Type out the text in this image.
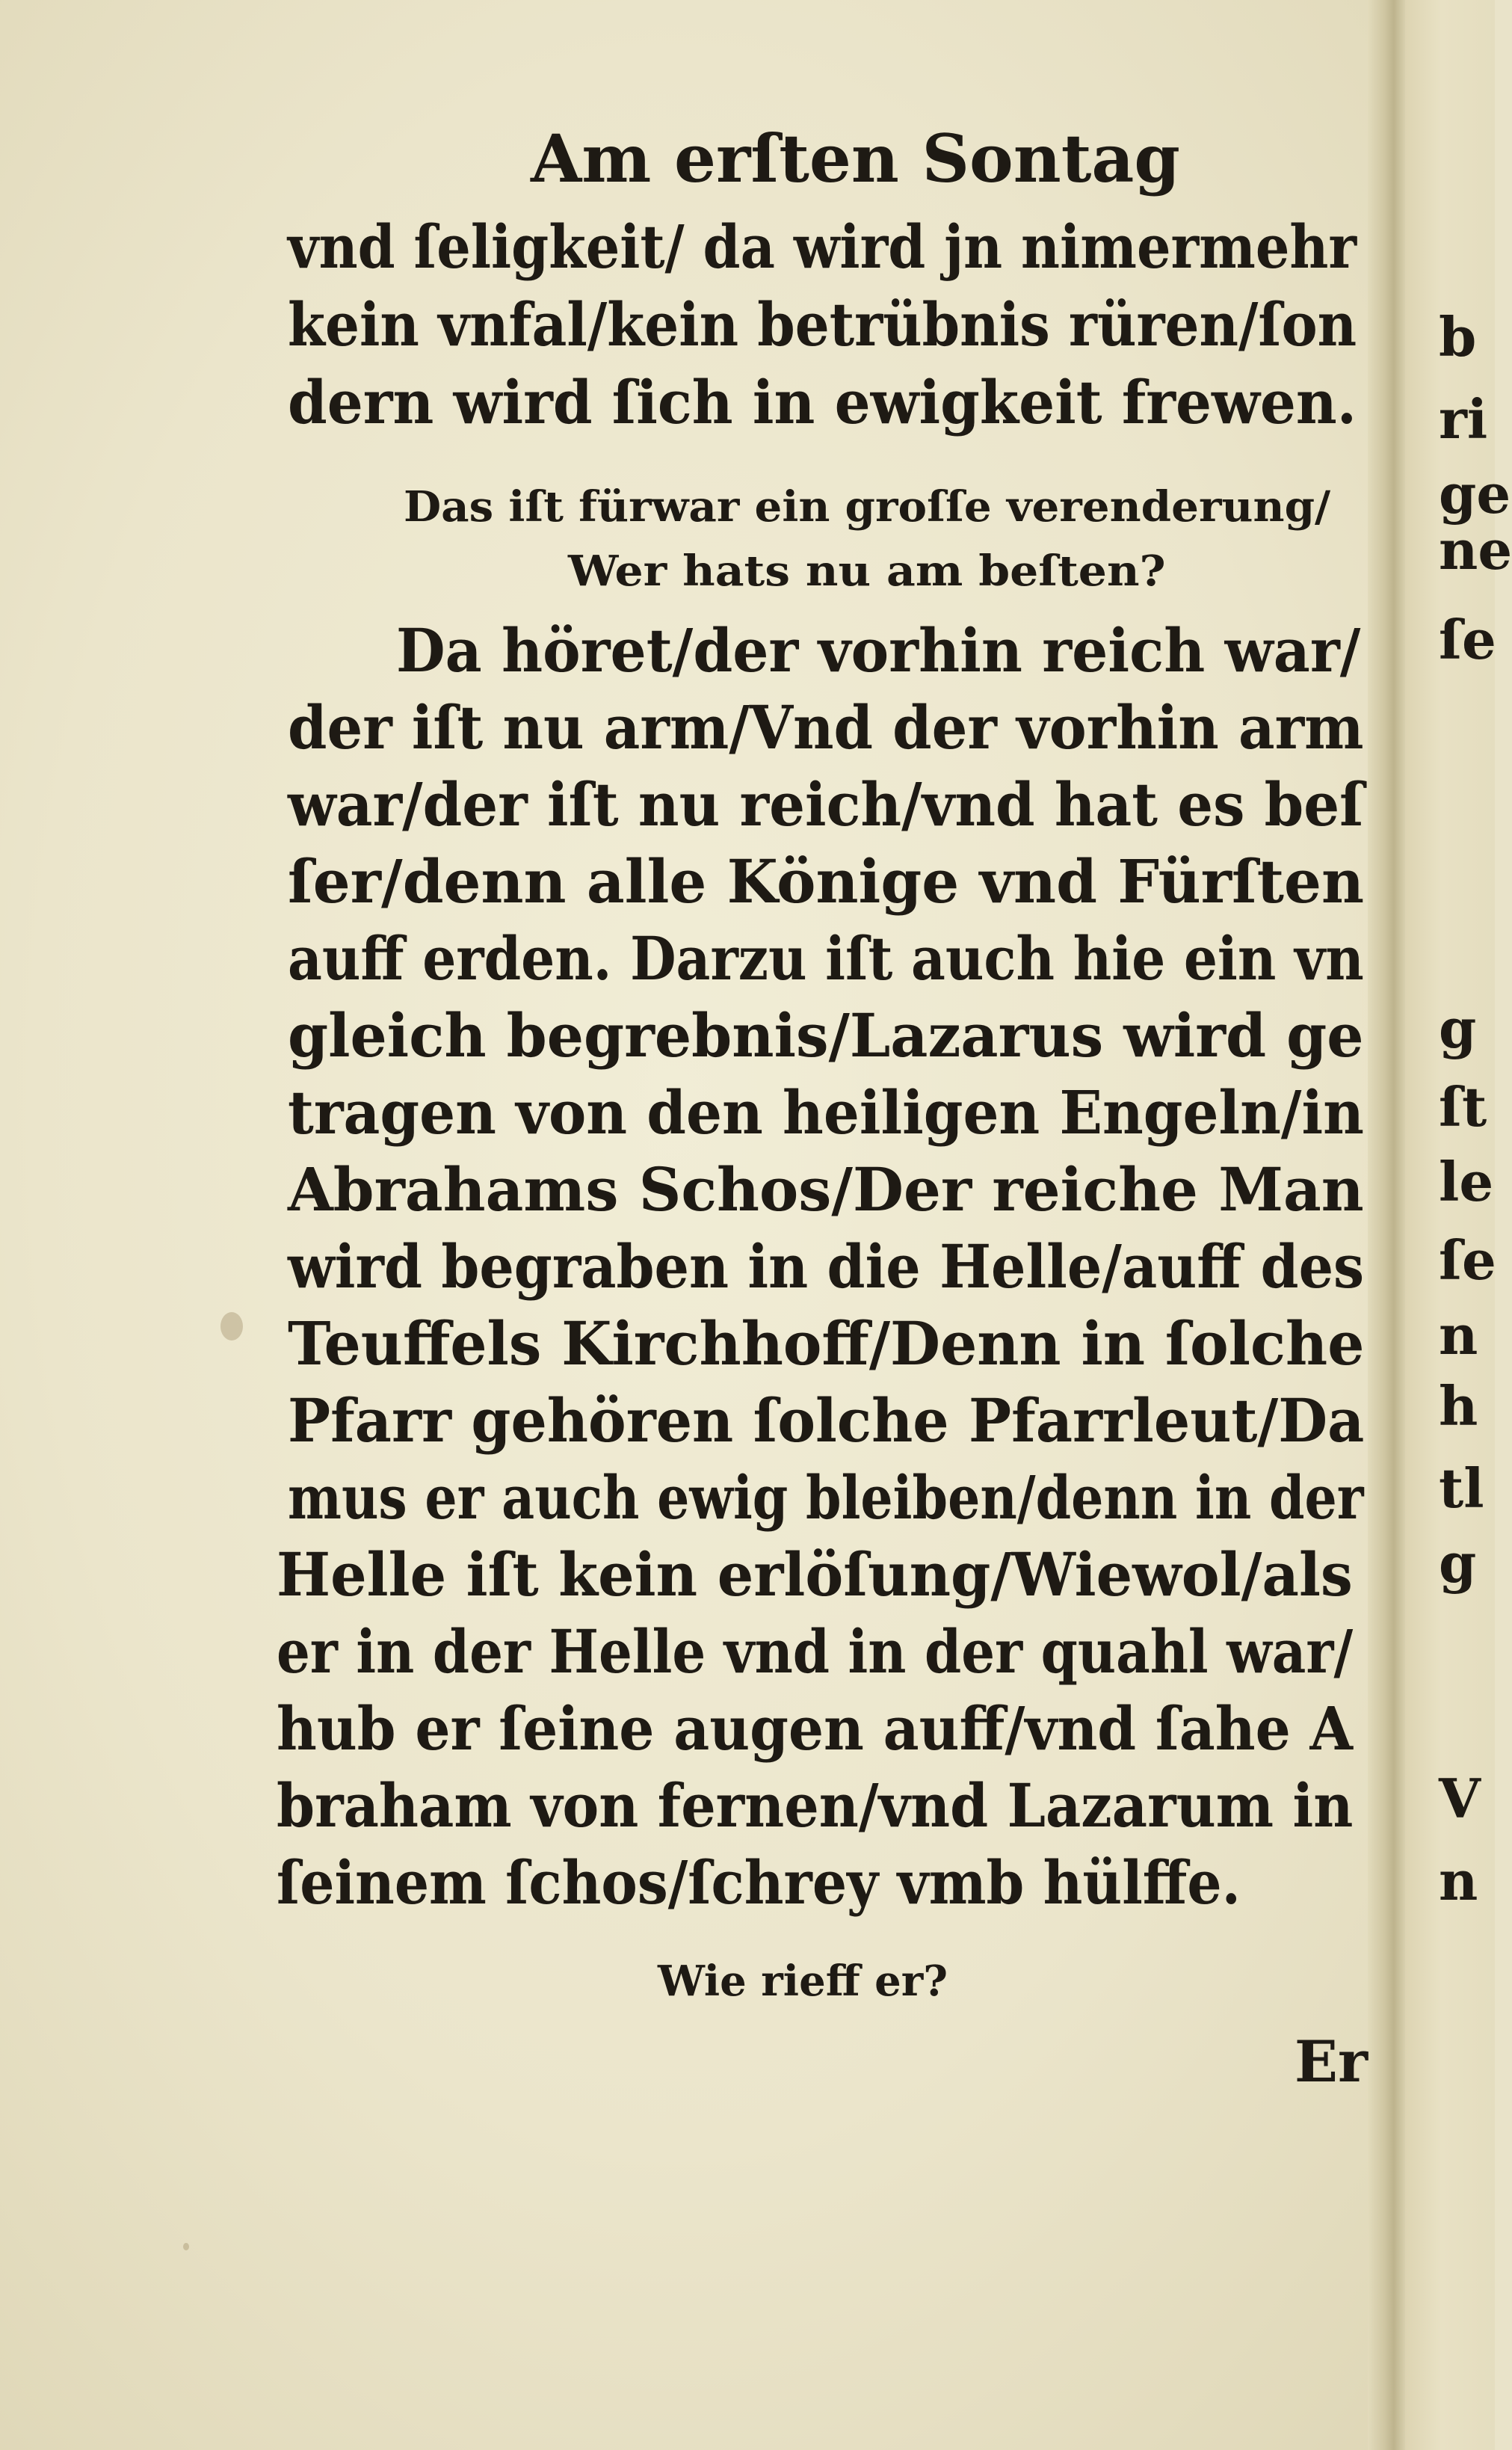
Am erſten Sontag
vnd ſeligkeit/ da wird jn nimermehr
kein vnfal/kein betrübnis rüren/ſon
dern wird ſich in ewigkeit frewen.
Das iſt fürwar ein groſſe verenderung/
Wer hats nu am beſten?
Da höret/der vorhin reich war/
der iſt nu arm/Vnd der vorhin arm
war/der iſt nu reich/vnd hat es beſ
ſer/denn alle Könige vnd Fürſten
auff erden. Darzu iſt auch hie ein vn
gleich begrebnis/Lazarus wird ge
tragen von den heiligen Engeln/in
Abrahams Schos/Der reiche Man
wird begraben in die Helle/auff des
Teuffels Kirchhoff/Denn in ſolche
Pfarr gehören ſolche Pfarrleut/Da
mus er auch ewig bleiben/denn in der
Helle iſt kein erlöſung/Wiewol/als
er in der Helle vnd in der quahl war/
hub er ſeine augen auff/vnd ſahe A
braham von fernen/vnd Lazarum in
ſeinem ſchos/ſchrey vmb hülffe.
Wie rieff er?
Er
b
ri
ge
ne
ſe
g
ſt
le
ſe
n
h
tl
g
V
n
